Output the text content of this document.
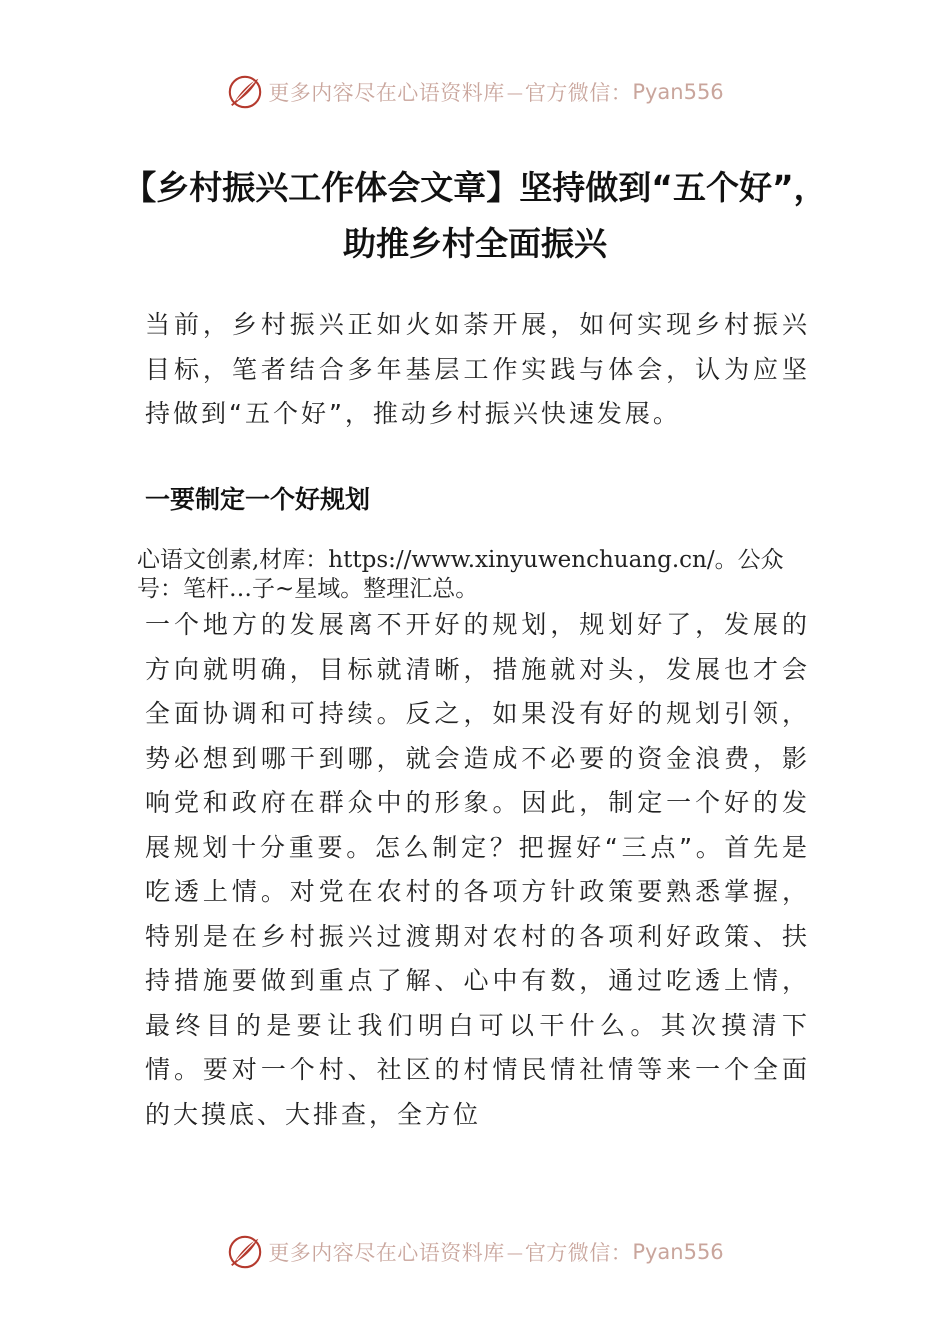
更多内容尽在心语资料库 — 官方微信： Pyan556
【乡村振兴工作体会文章】坚持做到“五个好”，助推乡村全面振兴
当前，乡村振兴正如火如荼开展，如何实现乡村振兴目标，笔者结合多年基层工作实践与体会，认为应坚持做到“五个好”，推动乡村振兴快速发展。
一要制定一个好规划
心语文创素,材库：https://www.xinyuwenchuang.cn/。公众号：笔杆…子~星域。整理汇总。
一个地方的发展离不开好的规划，规划好了，发展的方向就明确，目标就清晰，措施就对头，发展也才会全面协调和可持续。反之，如果没有好的规划引领，势必想到哪干到哪，就会造成不必要的资金浪费，影响党和政府在群众中的形象。因此，制定一个好的发展规划十分重要。怎么制定？把握好“三点”。首先是吃透上情。对党在农村的各项方针政策要熟悉掌握，特别是在乡村振兴过渡期对农村的各项利好政策、扶持措施要做到重点了解、心中有数，通过吃透上情，最终目的是要让我们明白可以干什么。其次摸清下情。要对一个村、社区的村情民情社情等来一个全面的大摸底、大排查，全方位
更多内容尽在心语资料库 — 官方微信： Pyan556
